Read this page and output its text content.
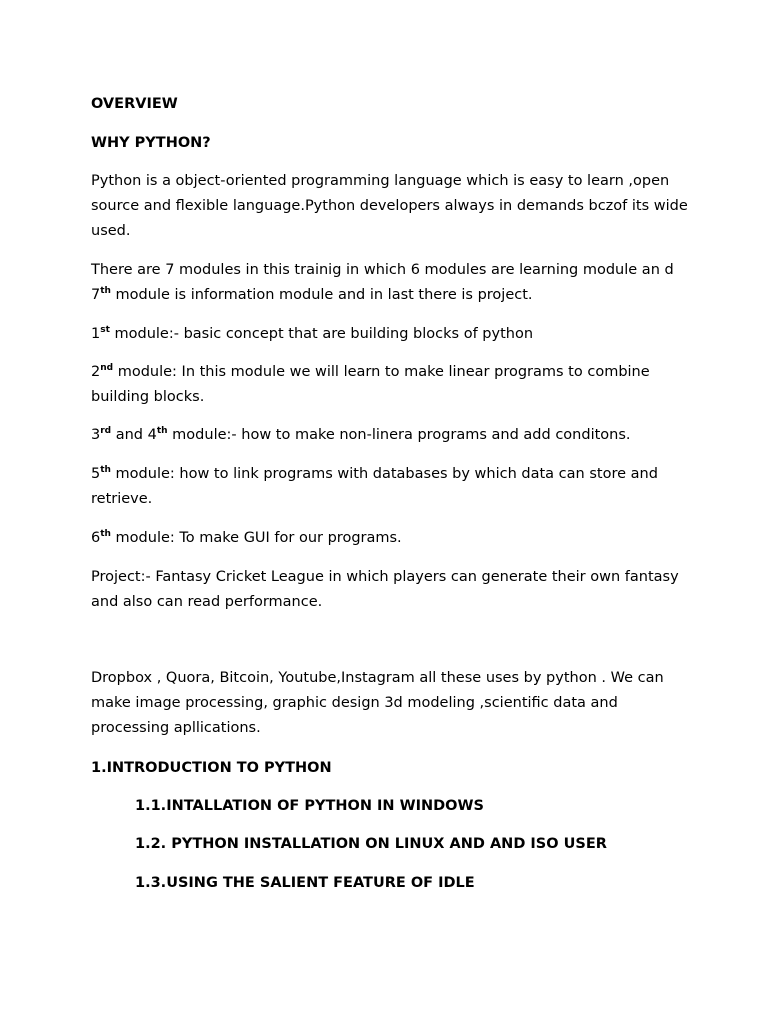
OVERVIEW

WHY PYTHON?

Python is a object-oriented programming language which is easy to learn ,open
source and flexible language.Python developers always in demands bczof its wide
used.

There are 7 modules in this trainig in which 6 modules are learning module an d
7th module is information module and in last there is project.

1st module:- basic concept that are building blocks of python

2nd module: In this module we will learn to make linear programs to combine
building blocks.

3rd and 4th module:- how to make non-linera programs and add conditons.

5th module: how to link programs with databases by which data can store and
retrieve.

6th module: To make GUI for our programs.

Project:- Fantasy Cricket League in which players can generate their own fantasy
and also can read performance.

Dropbox , Quora, Bitcoin, Youtube,Instagram all these uses by python . We can
make image processing, graphic design 3d modeling ,scientific data and
processing apllications.

1.INTRODUCTION TO PYTHON

1.1.INTALLATION OF PYTHON IN WINDOWS

1.2. PYTHON INSTALLATION ON LINUX AND AND ISO USER

1.3.USING THE SALIENT FEATURE OF IDLE
